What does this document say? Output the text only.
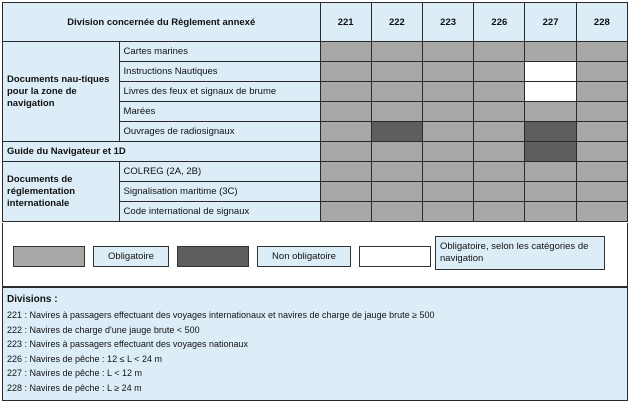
Division concernée du Règlement annexé		221	222	223	226	227	228
Documents nau-tiques pour la zone de navigation	Cartes marines						
	Instructions Nautiques						
	Livres des feux et signaux de brume						
	Marées						
	Ouvrages de radiosignaux						
Guide du Navigateur et 1D							
Documents de réglementation internationale	COLREG (2A, 2B)						
	Signalisation maritime (3C)						
	Code international de signaux						
Obligatoire	Non obligatoire
Obligatoire, selon les catégories de navigation
Divisions :
221 : Navires à passagers effectuant des voyages internationaux et navires de charge de jauge brute ≥ 500
222 : Navires de charge d'une jauge brute < 500
223 : Navires à passagers effectuant des voyages nationaux
226 : Navires de pêche : 12 ≤ L < 24 m
227 : Navires de pêche : L < 12 m
228 : Navires de pêche : L ≥ 24 m
